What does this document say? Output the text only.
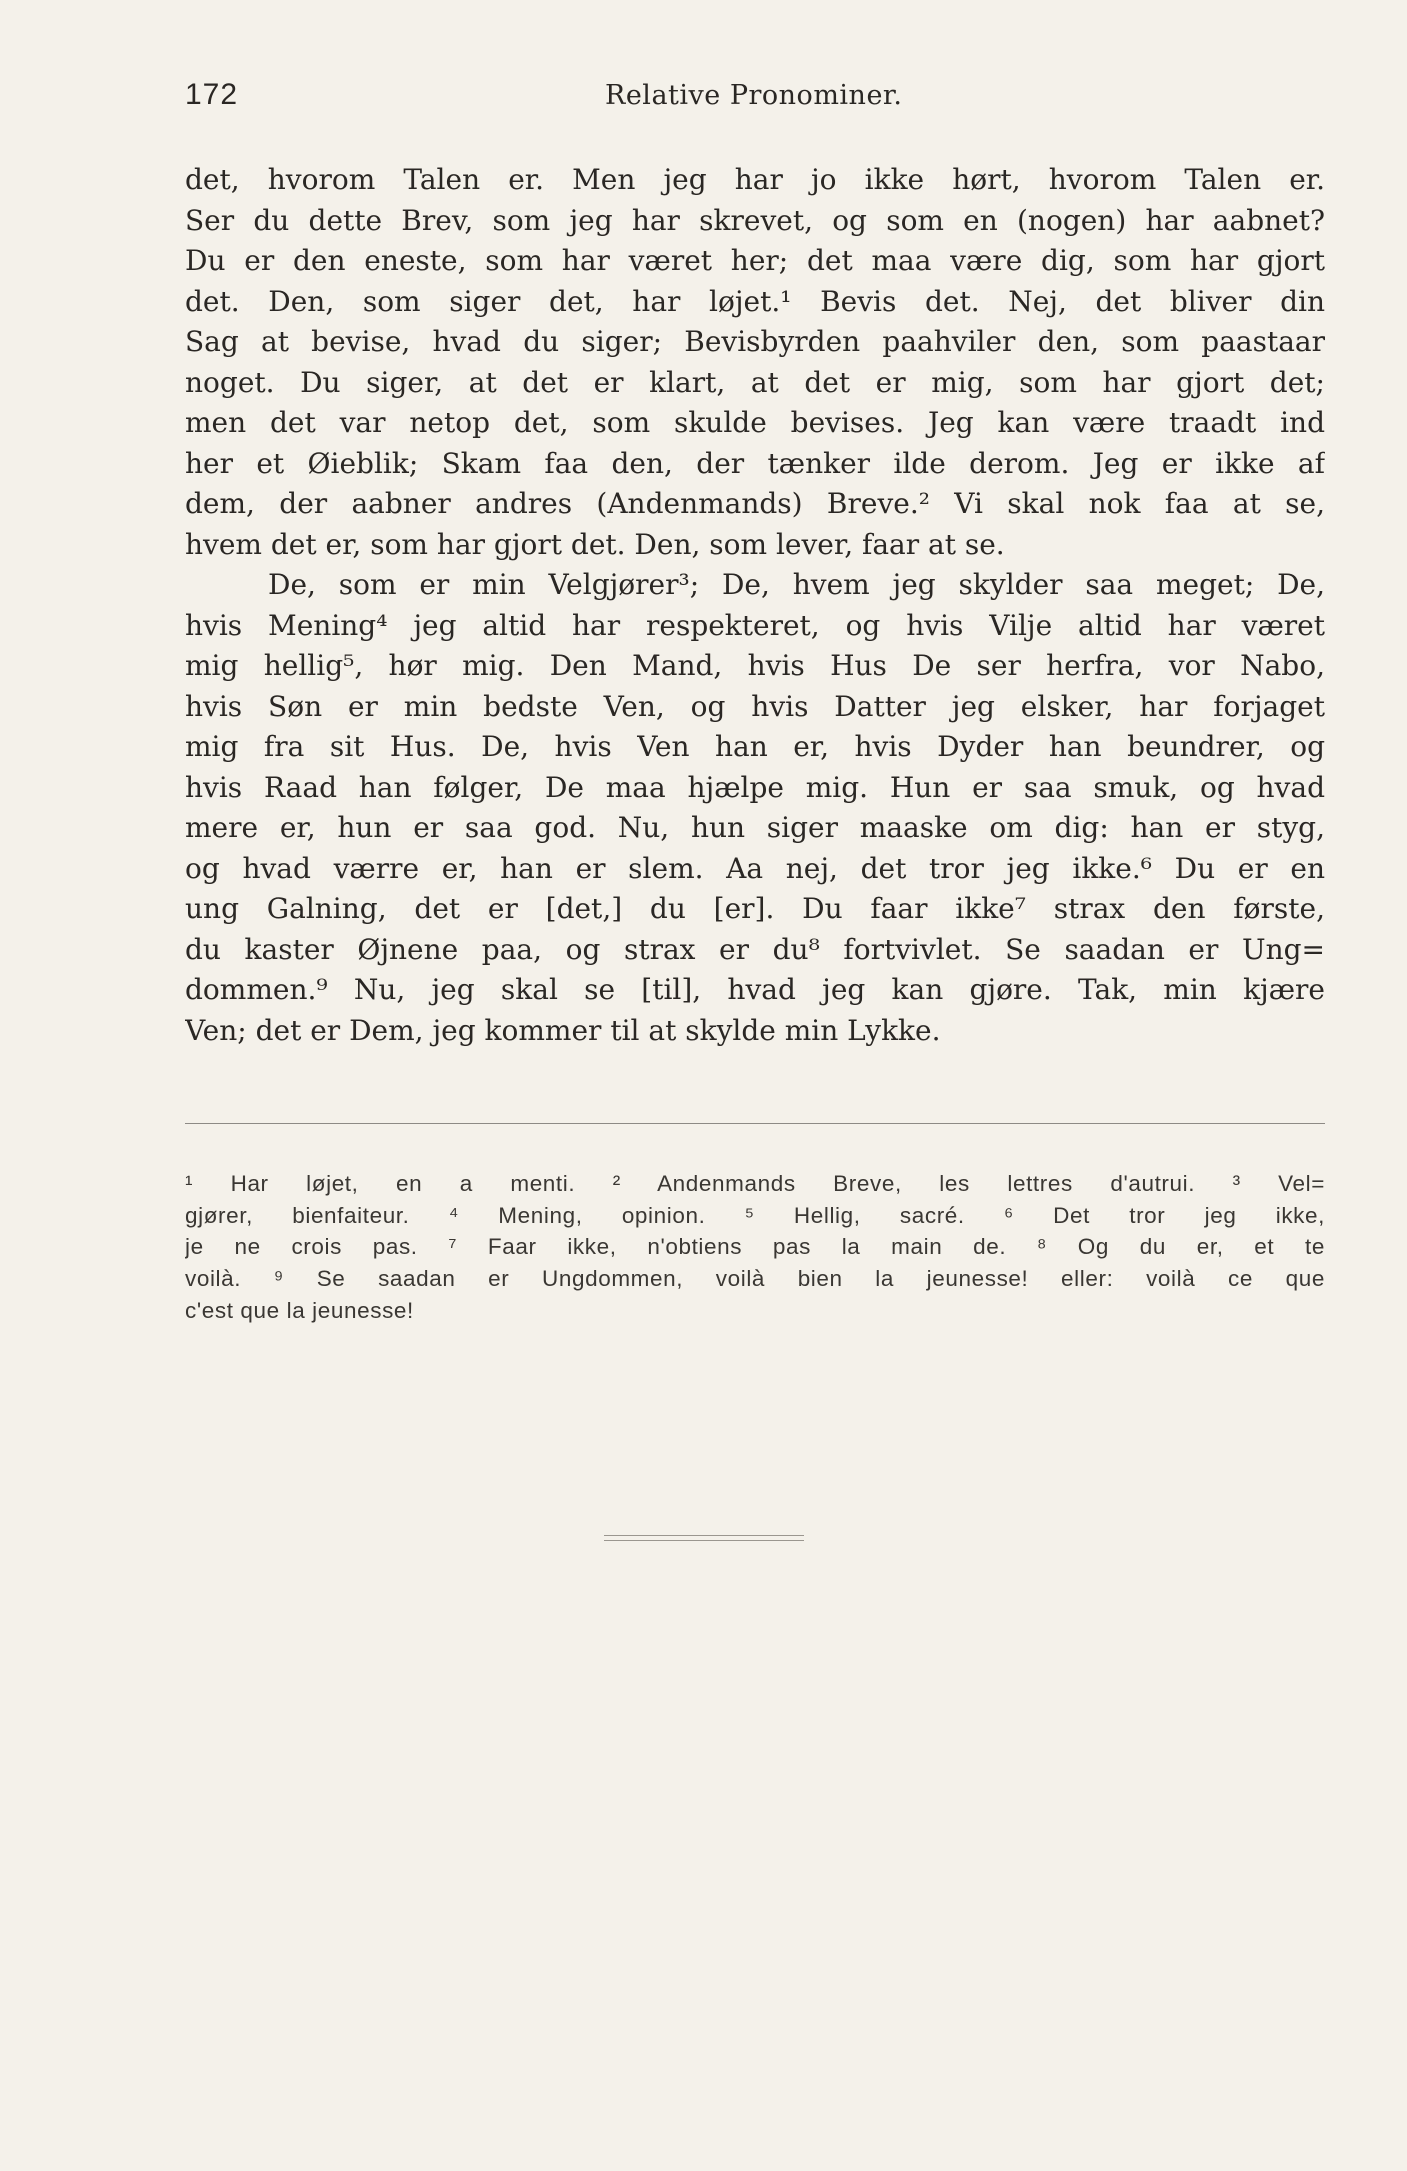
172	Relative Pronominer.
det, hvorom Talen er. Men jeg har jo ikke hørt, hvorom Talen er.
Ser du dette Brev, som jeg har skrevet, og som en (nogen) har aabnet?
Du er den eneste, som har været her; det maa være dig, som har gjort
det. Den, som siger det, har løjet.¹ Bevis det. Nej, det bliver din
Sag at bevise, hvad du siger; Bevisbyrden paahviler den, som paastaar
noget. Du siger, at det er klart, at det er mig, som har gjort det;
men det var netop det, som skulde bevises. Jeg kan være traadt ind
her et Øieblik; Skam faa den, der tænker ilde derom. Jeg er ikke af
dem, der aabner andres (Andenmands) Breve.² Vi skal nok faa at se,
hvem det er, som har gjort det. Den, som lever, faar at se.
De, som er min Velgjører³; De, hvem jeg skylder saa meget; De,
hvis Mening⁴ jeg altid har respekteret, og hvis Vilje altid har været
mig hellig⁵, hør mig. Den Mand, hvis Hus De ser herfra, vor Nabo,
hvis Søn er min bedste Ven, og hvis Datter jeg elsker, har forjaget
mig fra sit Hus. De, hvis Ven han er, hvis Dyder han beundrer, og
hvis Raad han følger, De maa hjælpe mig. Hun er saa smuk, og hvad
mere er, hun er saa god. Nu, hun siger maaske om dig: han er styg,
og hvad værre er, han er slem. Aa nej, det tror jeg ikke.⁶ Du er en
ung Galning, det er [det,] du [er]. Du faar ikke⁷ strax den første,
du kaster Øjnene paa, og strax er du⁸ fortvivlet. Se saadan er Ung=
dommen.⁹ Nu, jeg skal se [til], hvad jeg kan gjøre. Tak, min kjære
Ven; det er Dem, jeg kommer til at skylde min Lykke.
¹ Har løjet, en a menti. ² Andenmands Breve, les lettres d'autrui. ³ Vel=
gjører, bienfaiteur. ⁴ Mening, opinion. ⁵ Hellig, sacré. ⁶ Det tror jeg ikke,
je ne crois pas. ⁷ Faar ikke, n'obtiens pas la main de. ⁸ Og du er, et te
voilà. ⁹ Se saadan er Ungdommen, voilà bien la jeunesse! eller: voilà ce que
c'est que la jeunesse!
